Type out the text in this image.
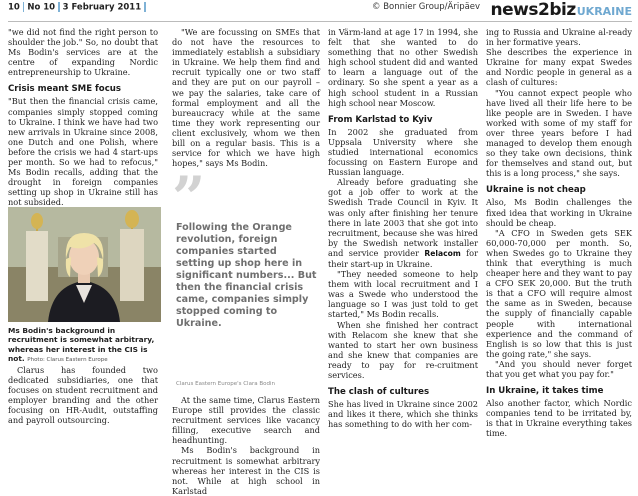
10 No 10 3 February 2011	© Bonnier Group/Äripäev news2bizUKRAINE

"we did not find the right person to shoulder the job." So, no doubt that Ms Bodin's services are at the centre of expanding Nordic entrepreneurship to Ukraine.

Crisis meant SME focus

"But then the financial crisis came, companies simply stopped coming to Ukraine. I think we have had two new arrivals in Ukraine since 2008, one Dutch and one Polish, where before the crisis we had 4 start-ups per month. So we had to refocus," Ms Bodin recalls, adding that the drought in foreign companies setting up shop in Ukraine still has not subsided.

Ms Bodin's background in recruitment is somewhat arbitrary, whereas her interest in the CIS is not. Photo: Clarus Eastern Europe

Clarus has founded two dedicated subsidiaries, one that focuses on student recruitment and employer branding and the other focusing on HR-Audit, outstaffing and payroll outsourcing.

"We are focussing on SMEs that do not have the resources to immediately establish a subsidiary in Ukraine. We help them find and recruit typically one or two staff and they are put on our payroll – we pay the salaries, take care of formal employment and all the bureaucracy while at the same time they work representing our client exclusively, whom we then bill on a regular basis. This is a service for which we have high hopes," says Ms Bodin.

”
Following the Orange revolution, foreign companies started setting up shop here in significant numbers... But then the financial crisis came, companies simply stopped coming to Ukraine.
Clarus Eastern Europe's Clara Bodin

At the same time, Clarus Eastern Europe still provides the classic recruitment services like vacancy filling, executive search and headhunting.

Ms Bodin's background in recruitment is somewhat arbitrary whereas her interest in the CIS is not. While at high school in Karlstad

in Värm-land at age 17 in 1994, she felt that she wanted to do something that no other Swedish high school student did and wanted to learn a language out of the ordinary. So she spent a year as a high school student in a Russian high school near Moscow.

From Karlstad to Kyiv

In 2002 she graduated from Uppsala University where she studied international economics focussing on Eastern Europe and Russian language.

Already before graduating she got a job offer to work at the Swedish Trade Council in Kyiv. It was only after finishing her tenure there in late 2003 that she got into recruitment, because she was hired by the Swedish network installer and service provider Relacom for their start-up in Ukraine.

"They needed someone to help them with local recruitment and I was a Swede who understood the language so I was just told to get started," Ms Bodin recalls.

When she finished her contract with Relacom she knew that she wanted to start her own business and she knew that companies are ready to pay for re-cruitment services.

The clash of cultures

She has lived in Ukraine since 2002 and likes it there, which she thinks has something to do with her com-

ing to Russia and Ukraine al-ready in her formative years.

She describes the experience in Ukraine for many expat Swedes and Nordic people in general as a clash of cultures:

"You cannot expect people who have lived all their life here to be like people are in Sweden. I have worked with some of my staff for over three years before I had managed to develop them enough so they take own decisions, think for themselves and stand out, but this is a long process," she says.

Ukraine is not cheap

Also, Ms Bodin challenges the fixed idea that working in Ukraine should be cheap.

"A CFO in Sweden gets SEK 60,000-70,000 per month. So, when Swedes go to Ukraine they think that everything is much cheaper here and they want to pay a CFO SEK 20,000. But the truth is that a CFO will require almost the same as in Sweden, because the supply of financially capable people with international experience and the command of English is so low that this is just the going rate," she says.

"And you should never forget that you get what you pay for."

In Ukraine, it takes time

Also another factor, which Nordic companies tend to be irritated by, is that in Ukraine everything takes time.
